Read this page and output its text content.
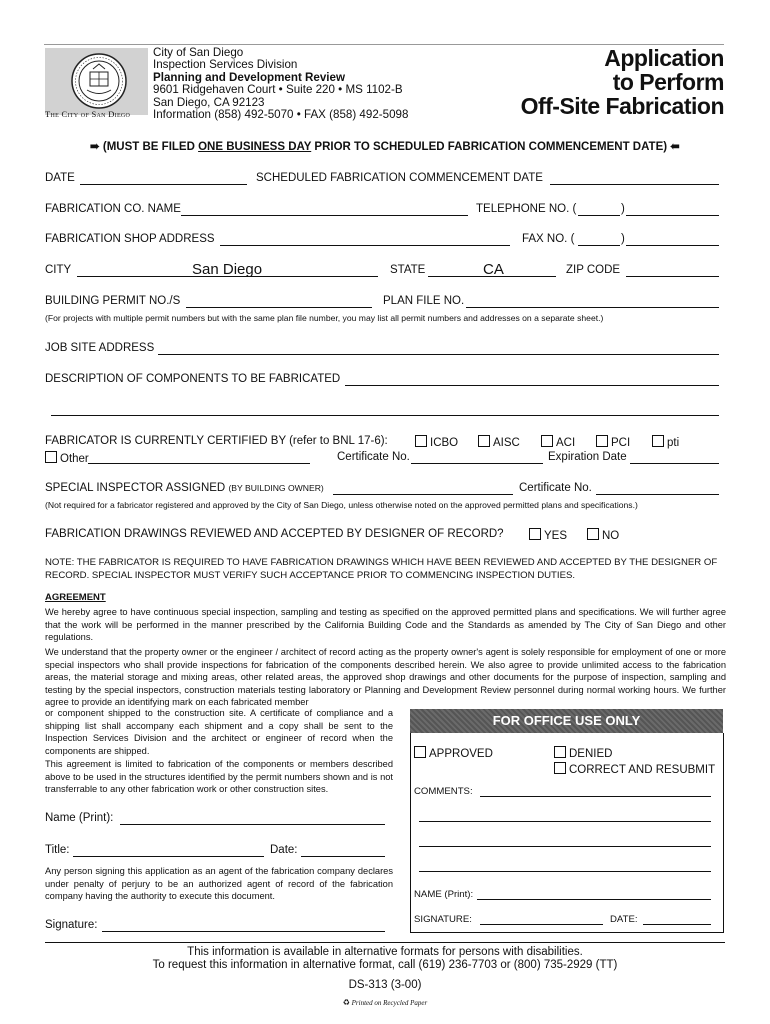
The City of San Diego
City of San Diego
Inspection Services Division
Planning and Development Review
9601 Ridgehaven Court • Suite 220 • MS 1102-B
San Diego, CA 92123
Information (858) 492-5070 • FAX (858) 492-5098
Application
to Perform
Off-Site Fabrication
➠ (MUST BE FILED ONE BUSINESS DAY PRIOR TO SCHEDULED FABRICATION COMMENCEMENT DATE) ➠
DATE	SCHEDULED FABRICATION COMMENCEMENT DATE
FABRICATION CO. NAME	TELEPHONE NO. (	)
FABRICATION SHOP ADDRESS	FAX NO. (	)
CITY	San Diego	STATE	CA	ZIP CODE
BUILDING PERMIT NO./S	PLAN FILE NO.
(For projects with multiple permit numbers but with the same plan file number, you may list all permit numbers and addresses on a separate sheet.)
JOB SITE ADDRESS
DESCRIPTION OF COMPONENTS TO BE FABRICATED
FABRICATOR IS CURRENTLY CERTIFIED BY (refer to BNL 17-6):	ICBO	AISC	ACI	PCI	pti
Other	Certificate No.	Expiration Date
SPECIAL INSPECTOR ASSIGNED (BY BUILDING OWNER)	Certificate No.
(Not required for a fabricator registered and approved by the City of San Diego, unless otherwise noted on the approved permitted plans and specifications.)
FABRICATION DRAWINGS REVIEWED AND ACCEPTED BY DESIGNER OF RECORD?	YES	NO
NOTE: THE FABRICATOR IS REQUIRED TO HAVE FABRICATION DRAWINGS WHICH HAVE BEEN REVIEWED AND ACCEPTED BY THE DESIGNER OF RECORD. SPECIAL INSPECTOR MUST VERIFY SUCH ACCEPTANCE PRIOR TO COMMENCING INSPECTION DUTIES.
AGREEMENT
We hereby agree to have continuous special inspection, sampling and testing as specified on the approved permitted plans and specifications. We will further agree that the work will be performed in the manner prescribed by the California Building Code and the Standards as amended by The City of San Diego and other regulations.
We understand that the property owner or the engineer / architect of record acting as the property owner's agent is solely responsible for employment of one or more special inspectors who shall provide inspections for fabrication of the components described herein. We also agree to provide unlimited access to the fabrication areas, the material storage and mixing areas, other related areas, the approved shop drawings and other documents for the purpose of inspection, sampling and testing by the special inspectors, construction materials testing laboratory or Planning and Development Review personnel during normal working hours. We further agree to provide an identifying mark on each fabricated member
or component shipped to the construction site. A certificate of compliance and a shipping list shall accompany each shipment and a copy shall be sent to the Inspection Services Division and the architect or engineer of record when the components are shipped.
This agreement is limited to fabrication of the components or members described above to be used in the structures identified by the permit numbers shown and is not transferrable to any other fabrication work or other construction sites.
Name (Print):
Title:	Date:
Any person signing this application as an agent of the fabrication company declares under penalty of perjury to be an authorized agent of record of the fabrication company having the authority to execute this document.
Signature:
FOR OFFICE USE ONLY
APPROVED	DENIED
CORRECT AND RESUBMIT
COMMENTS:
NAME (Print):
SIGNATURE:	DATE:
This information is available in alternative formats for persons with disabilities.
To request this information in alternative format, call (619) 236-7703 or (800) 735-2929 (TT)
DS-313 (3-00)
♻ Printed on Recycled Paper
